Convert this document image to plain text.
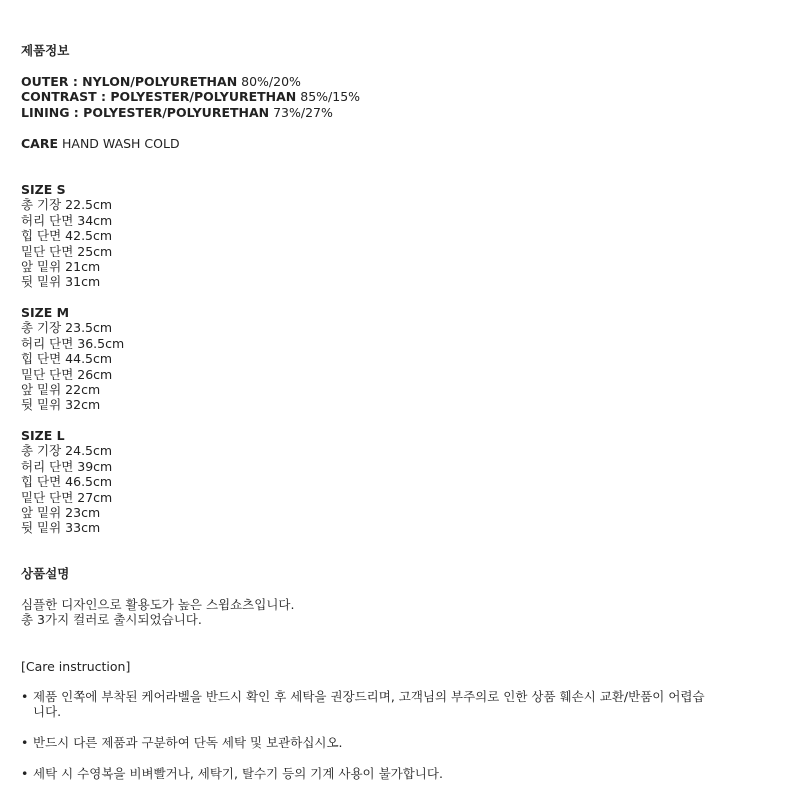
제품정보
OUTER : NYLON/POLYURETHAN 80%/20%
CONTRAST : POLYESTER/POLYURETHAN 85%/15%
LINING : POLYESTER/POLYURETHAN 73%/27%
CARE HAND WASH COLD
SIZE S
총 기장 22.5cm
허리 단면 34cm
힙 단면 42.5cm
밑단 단면 25cm
앞 밑위 21cm
뒷 밑위 31cm
SIZE M
총 기장 23.5cm
허리 단면 36.5cm
힙 단면 44.5cm
밑단 단면 26cm
앞 밑위 22cm
뒷 밑위 32cm
SIZE L
총 기장 24.5cm
허리 단면 39cm
힙 단면 46.5cm
밑단 단면 27cm
앞 밑위 23cm
뒷 밑위 33cm
상품설명
심플한 디자인으로 활용도가 높은 스윔쇼츠입니다.
총 3가지 컬러로 출시되었습니다.
[Care instruction]
• 제품 인쪽에 부착된 케어라벨을 반드시 확인 후 세탁을 권장드리며, 고객님의 부주의로 인한 상품 훼손시 교환/반품이 어렵습니다.
• 반드시 다른 제품과 구분하여 단독 세탁 및 보관하십시오.
• 세탁 시 수영복을 비벼빨거나, 세탁기, 탈수기 등의 기계 사용이 불가합니다.
